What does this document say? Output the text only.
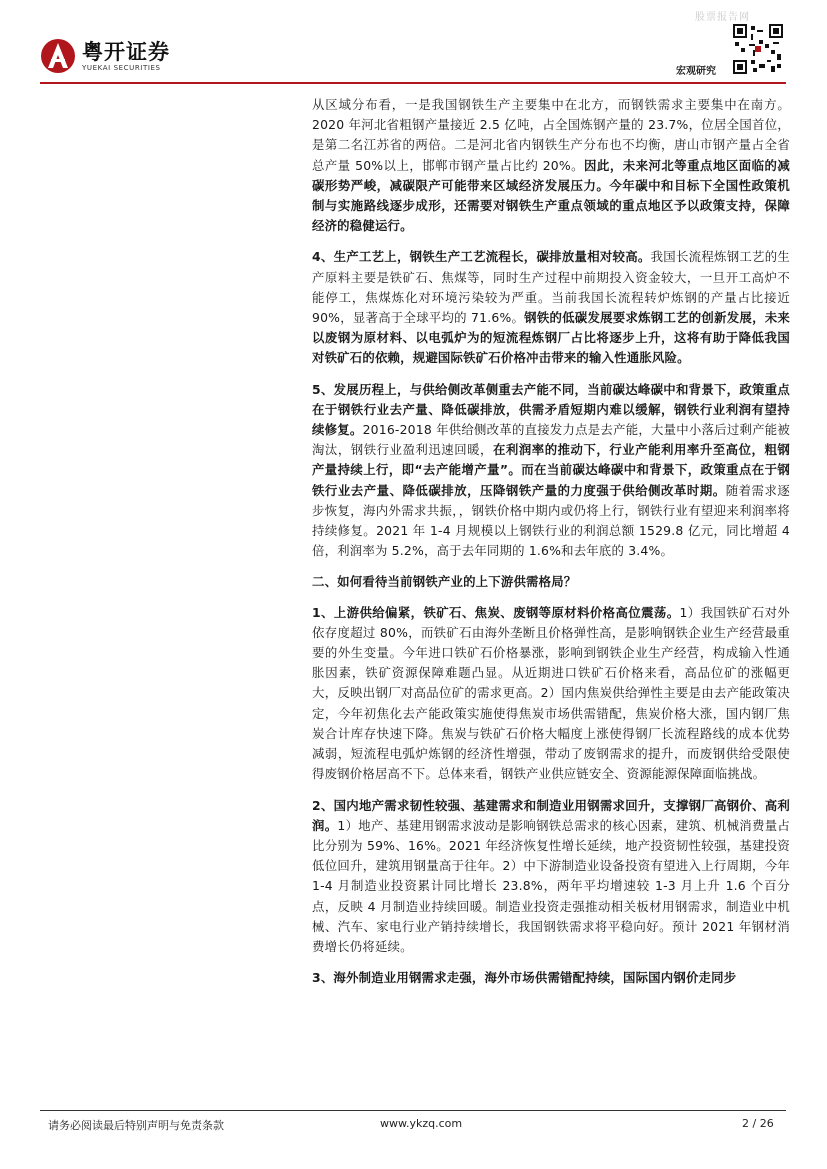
股票报告网
粤开证券
YUEKAI SECURITIES	宏观研究

从区域分布看，一是我国钢铁生产主要集中在北方，而钢铁需求主要集中在南方。2020 年河北省粗钢产量接近 2.5 亿吨，占全国炼钢产量的 23.7%，位居全国首位，是第二名江苏省的两倍。二是河北省内钢铁生产分布也不均衡，唐山市钢产量占全省总产量 50%以上，邯郸市钢产量占比约 20%。因此，未来河北等重点地区面临的减碳形势严峻，减碳限产可能带来区域经济发展压力。今年碳中和目标下全国性政策机制与实施路线逐步成形，还需要对钢铁生产重点领域的重点地区予以政策支持，保障经济的稳健运行。

4、生产工艺上，钢铁生产工艺流程长，碳排放量相对较高。我国长流程炼钢工艺的生产原料主要是铁矿石、焦煤等，同时生产过程中前期投入资金较大，一旦开工高炉不能停工，焦煤炼化对环境污染较为严重。当前我国长流程转炉炼钢的产量占比接近 90%，显著高于全球平均的 71.6%。钢铁的低碳发展要求炼钢工艺的创新发展，未来以废钢为原材料、以电弧炉为的短流程炼钢厂占比将逐步上升，这将有助于降低我国对铁矿石的依赖，规避国际铁矿石价格冲击带来的输入性通胀风险。

5、发展历程上，与供给侧改革侧重去产能不同，当前碳达峰碳中和背景下，政策重点在于钢铁行业去产量、降低碳排放，供需矛盾短期内难以缓解，钢铁行业利润有望持续修复。2016-2018 年供给侧改革的直接发力点是去产能，大量中小落后过剩产能被淘汰，钢铁行业盈利迅速回暖，在利润率的推动下，行业产能利用率升至高位，粗钢产量持续上行，即“去产能增产量”。而在当前碳达峰碳中和背景下，政策重点在于钢铁行业去产量、降低碳排放，压降钢铁产量的力度强于供给侧改革时期。随着需求逐步恢复，海内外需求共振，，钢铁价格中期内或仍将上行，钢铁行业有望迎来利润率将持续修复。2021 年 1-4 月规模以上钢铁行业的利润总额 1529.8 亿元，同比增超 4 倍，利润率为 5.2%，高于去年同期的 1.6%和去年底的 3.4%。

二、如何看待当前钢铁产业的上下游供需格局？

1、上游供给偏紧，铁矿石、焦炭、废钢等原材料价格高位震荡。1）我国铁矿石对外依存度超过 80%，而铁矿石由海外垄断且价格弹性高，是影响钢铁企业生产经营最重要的外生变量。今年进口铁矿石价格暴涨，影响到钢铁企业生产经营，构成输入性通胀因素，铁矿资源保障难题凸显。从近期进口铁矿石价格来看，高品位矿的涨幅更大，反映出钢厂对高品位矿的需求更高。2）国内焦炭供给弹性主要是由去产能政策决定，今年初焦化去产能政策实施使得焦炭市场供需错配，焦炭价格大涨，国内钢厂焦炭合计库存快速下降。焦炭与铁矿石价格大幅度上涨使得钢厂长流程路线的成本优势减弱，短流程电弧炉炼钢的经济性增强，带动了废钢需求的提升，而废钢供给受限使得废钢价格居高不下。总体来看，钢铁产业供应链安全、资源能源保障面临挑战。

2、国内地产需求韧性较强、基建需求和制造业用钢需求回升，支撑钢厂高钢价、高利润。1）地产、基建用钢需求波动是影响钢铁总需求的核心因素，建筑、机械消费量占比分别为 59%、16%。2021 年经济恢复性增长延续，地产投资韧性较强，基建投资低位回升，建筑用钢量高于往年。2）中下游制造业设备投资有望进入上行周期，今年 1-4 月制造业投资累计同比增长 23.8%，两年平均增速较 1-3 月上升 1.6 个百分点，反映 4 月制造业持续回暖。制造业投资走强推动相关板材用钢需求，制造业中机械、汽车、家电行业产销持续增长，我国钢铁需求将平稳向好。预计 2021 年钢材消费增长仍将延续。

3、海外制造业用钢需求走强，海外市场供需错配持续，国际国内钢价走同步

请务必阅读最后特别声明与免责条款	www.ykzq.com	2 / 26
